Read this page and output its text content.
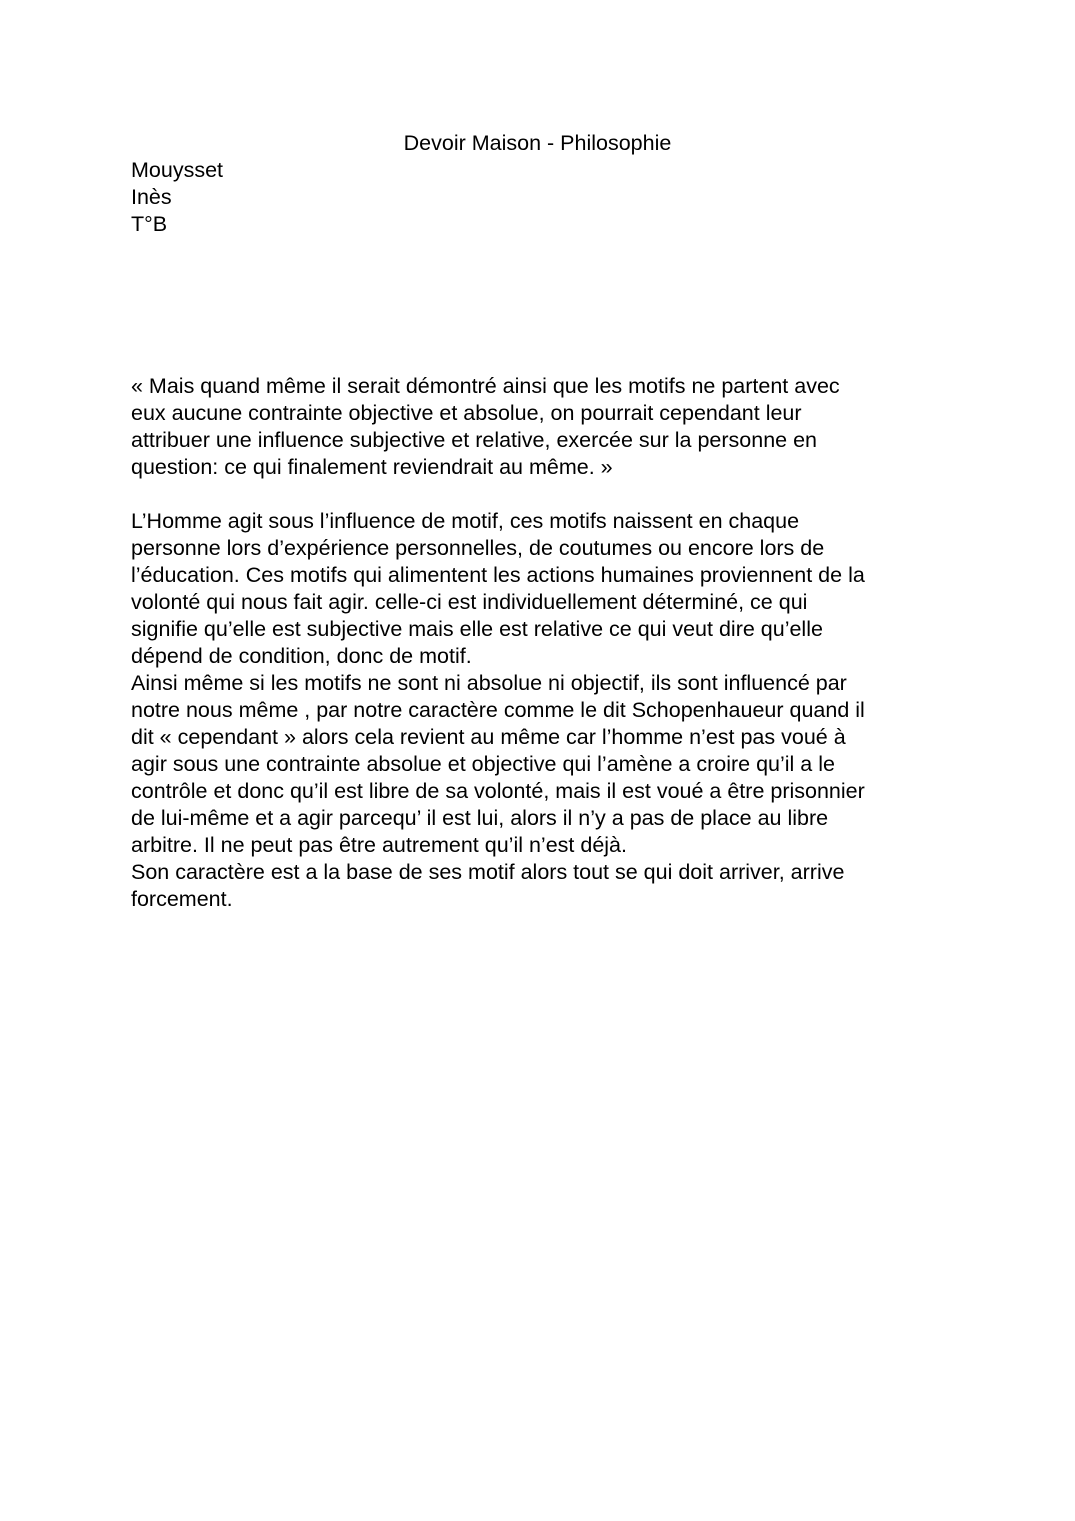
Devoir Maison - Philosophie
Mouysset
Inès
T°B
« Mais quand même il serait démontré ainsi que les motifs ne partent avec
eux aucune contrainte objective et absolue, on pourrait cependant leur
attribuer une influence subjective et relative, exercée sur la personne en
question: ce qui finalement reviendrait au même. »
L’Homme agit sous l’influence de motif, ces motifs naissent en chaque
personne lors d’expérience personnelles, de coutumes ou encore lors de
l’éducation. Ces motifs qui alimentent les actions humaines proviennent de la
volonté qui nous fait agir. celle-ci est individuellement déterminé, ce qui
signifie qu’elle est subjective mais elle est relative ce qui veut dire qu’elle
dépend de condition, donc de motif.
Ainsi même si les motifs ne sont ni absolue ni objectif, ils sont influencé par
notre nous même , par notre caractère comme le dit Schopenhaueur quand il
dit « cependant » alors cela revient au même car l’homme n’est pas voué à
agir sous une contrainte absolue et objective qui l’amène a croire qu’il a le
contrôle et donc qu’il est libre de sa volonté, mais il est voué a être prisonnier
de lui-même et a agir parcequ’ il est lui, alors il n’y a pas de place au libre
arbitre. Il ne peut pas être autrement qu’il n’est déjà.
Son caractère est a la base de ses motif alors tout se qui doit arriver, arrive
forcement.
